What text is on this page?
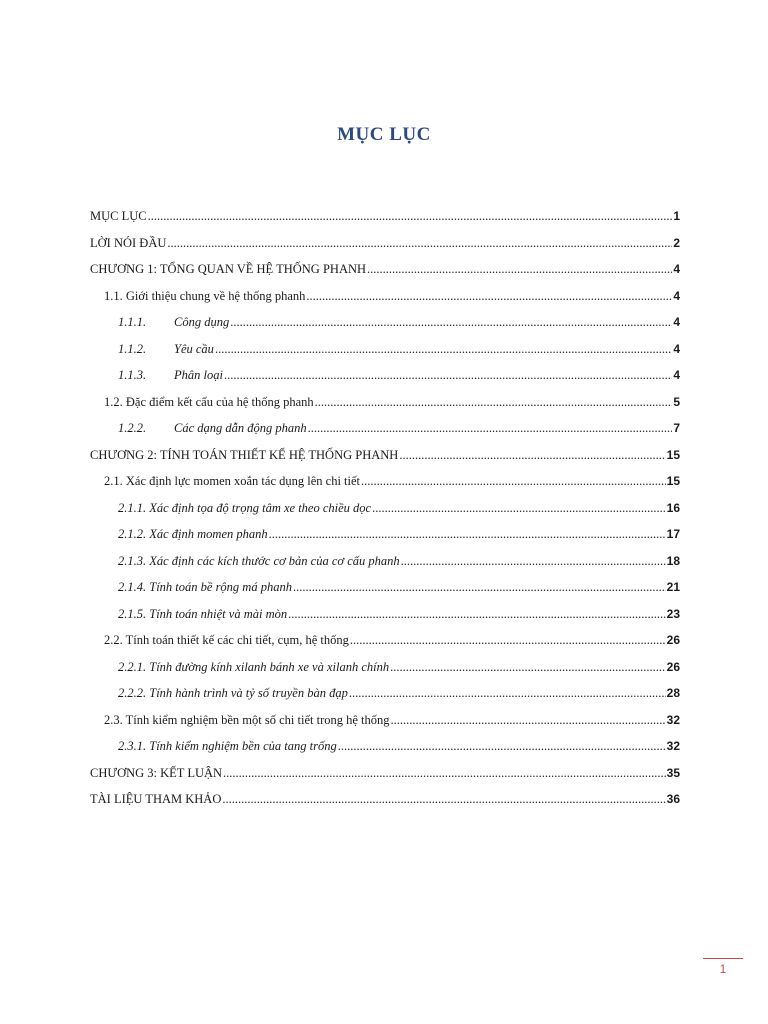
MỤC LỤC
MỤC LỤC .....	1
LỜI NÓI ĐẦU .....	2
CHƯƠNG 1: TỔNG QUAN VỀ HỆ THỐNG PHANH .....	4
1.1. Giới thiệu chung về hệ thống phanh .....	4
1.1.1.	Công dụng .....	4
1.1.2.	Yêu cầu .....	4
1.1.3.	Phân loại .....	4
1.2. Đặc điểm kết cấu của hệ thống phanh .....	5
1.2.2.	Các dạng dẫn động phanh .....	7
CHƯƠNG 2: TÍNH TOÁN THIẾT KẾ HỆ THỐNG PHANH .....	15
2.1. Xác định lực momen xoắn tác dụng lên chi tiết .....	15
2.1.1. Xác định tọa độ trọng tâm xe theo chiều dọc .....	16
2.1.2. Xác định momen phanh .....	17
2.1.3. Xác định các kích thước cơ bản của cơ cấu phanh .....	18
2.1.4. Tính toán bề rộng má phanh .....	21
2.1.5. Tính toán nhiệt và mài mòn .....	23
2.2. Tính toán thiết kế các chi tiết, cụm, hệ thống .....	26
2.2.1. Tính đường kính xilanh bánh xe và xilanh chính .....	26
2.2.2. Tính hành trình và tỷ số truyền bàn đạp .....	28
2.3. Tính kiểm nghiệm bền một số chi tiết trong hệ thống .....	32
2.3.1. Tính kiểm nghiệm bền của tang trống .....	32
CHƯƠNG 3: KẾT LUẬN .....	35
TÀI LIỆU THAM KHẢO .....	36
1
